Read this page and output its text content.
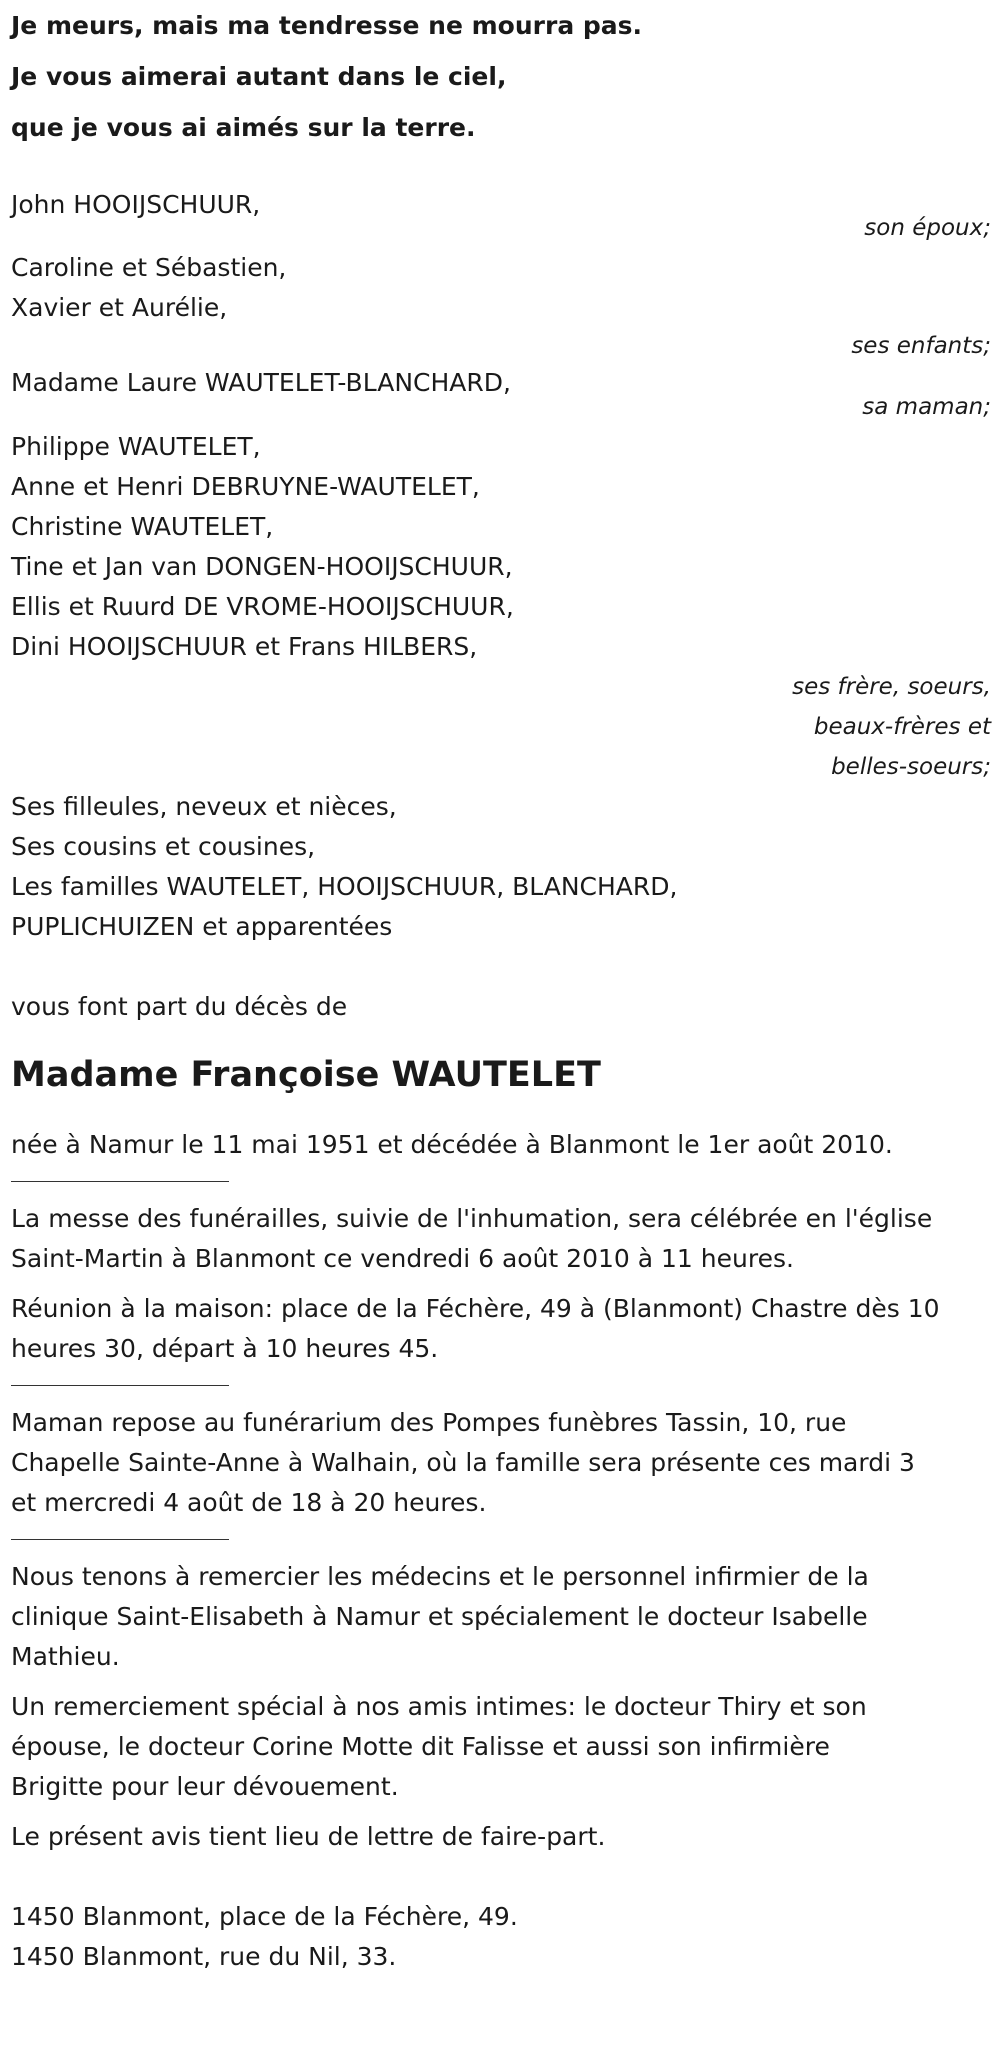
Je meurs, mais ma tendresse ne mourra pas.
Je vous aimerai autant dans le ciel,
que je vous ai aimés sur la terre.
John HOOIJSCHUUR,
son époux;
Caroline et Sébastien,
Xavier et Aurélie,
ses enfants;
Madame Laure WAUTELET-BLANCHARD,
sa maman;
Philippe WAUTELET,
Anne et Henri DEBRUYNE-WAUTELET,
Christine WAUTELET,
Tine et Jan van DONGEN-HOOIJSCHUUR,
Ellis et Ruurd DE VROME-HOOIJSCHUUR,
Dini HOOIJSCHUUR et Frans HILBERS,
ses frère, soeurs,
beaux-frères et
belles-soeurs;
Ses filleules, neveux et nièces,
Ses cousins et cousines,
Les familles WAUTELET, HOOIJSCHUUR, BLANCHARD,
PUPLICHUIZEN et apparentées
vous font part du décès de
Madame Françoise WAUTELET

née à Namur le 11 mai 1951 et décédée à Blanmont le 1er août 2010.

La messe des funérailles, suivie de l'inhumation, sera célébrée en l'église
Saint-Martin à Blanmont ce vendredi 6 août 2010 à 11 heures.
Réunion à la maison: place de la Féchère, 49 à (Blanmont) Chastre dès 10
heures 30, départ à 10 heures 45.
Maman repose au funérarium des Pompes funèbres Tassin, 10, rue
Chapelle Sainte-Anne à Walhain, où la famille sera présente ces mardi 3
et mercredi 4 août de 18 à 20 heures.
Nous tenons à remercier les médecins et le personnel infirmier de la
clinique Saint-Elisabeth à Namur et spécialement le docteur Isabelle
Mathieu.
Un remerciement spécial à nos amis intimes: le docteur Thiry et son
épouse, le docteur Corine Motte dit Falisse et aussi son infirmière
Brigitte pour leur dévouement.
Le présent avis tient lieu de lettre de faire-part.
1450 Blanmont, place de la Féchère, 49.
1450 Blanmont, rue du Nil, 33.
